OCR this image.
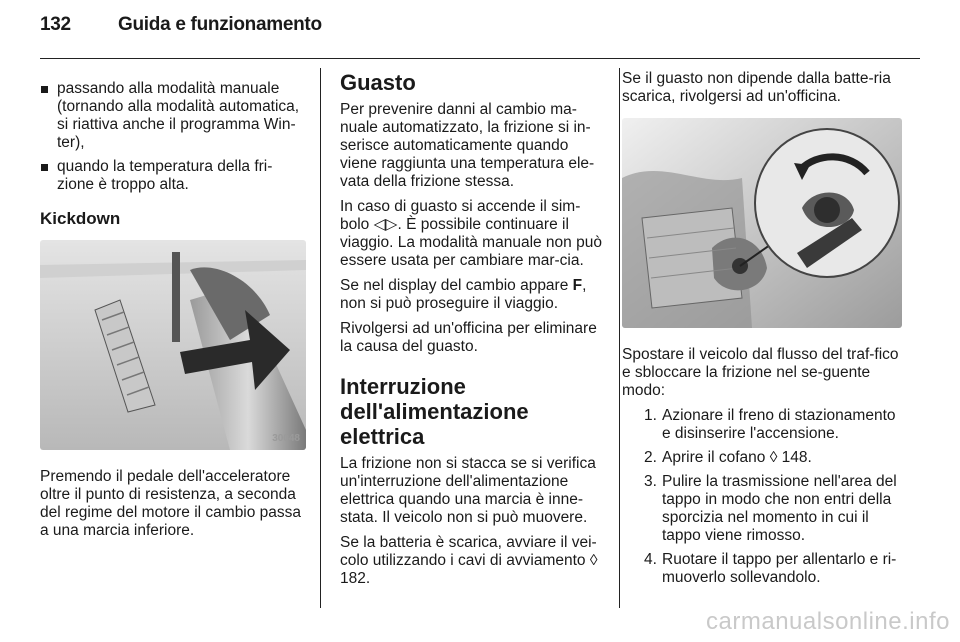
132 Guida e funzionamento
passando alla modalità manuale (tornando alla modalità automatica, si riattiva anche il programma Win-ter),
quando la temperatura della fri-zione è troppo alta.
Kickdown
30048

Premendo il pedale dell'acceleratore oltre il punto di resistenza, a seconda del regime del motore il cambio passa a una marcia inferiore.

Guasto

Per prevenire danni al cambio ma-nuale automatizzato, la frizione si in-serisce automaticamente quando viene raggiunta una temperatura ele-vata della frizione stessa.

In caso di guasto si accende il sim-bolo ◁▷. È possibile continuare il viaggio. La modalità manuale non può essere usata per cambiare mar-cia.

Se nel display del cambio appare F, non si può proseguire il viaggio.

Rivolgersi ad un'officina per eliminare la causa del guasto.

Interruzione
dell'alimentazione elettrica

La frizione non si stacca se si verifica un'interruzione dell'alimentazione elettrica quando una marcia è inne-stata. Il veicolo non si può muovere.

Se la batteria è scarica, avviare il vei-colo utilizzando i cavi di avviamento ◊ 182.

Se il guasto non dipende dalla batte-ria scarica, rivolgersi ad un'officina.

Spostare il veicolo dal flusso del traf-fico e sbloccare la frizione nel se-guente modo:

1. Azionare il freno di stazionamento e disinserire l'accensione.
2. Aprire il cofano ◊ 148.
3. Pulire la trasmissione nell'area del tappo in modo che non entri della sporcizia nel momento in cui il tappo viene rimosso.
4. Ruotare il tappo per allentarlo e ri-muoverlo sollevandolo.
carmanualsonline.info
